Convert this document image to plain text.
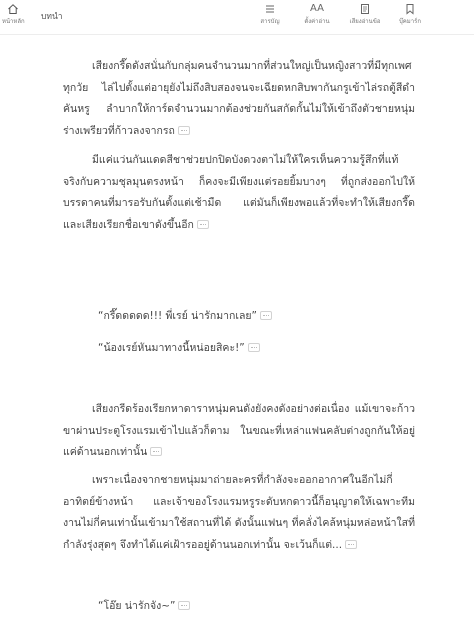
หน้าหลัก บทนำ	สารบัญ
AA
ตั้งค่าอ่าน	เสียงอ่านข้อ	บุ๊คมาร์ก

เสียงกรี๊ดดังสนั่นกับกลุ่มคนจำนวนมากที่ส่วนใหญ่เป็นหญิงสาวที่มีทุกเพศทุกวัย ไล่ไปตั้งแต่อายุยังไม่ถึงสิบสองจนจะเฉียดหกสิบพากันกรูเข้าไล่รถตู้สีดำคันหรู ลำบากให้การ์ดจำนวนมากต้องช่วยกันสกัดกั้นไม่ให้เข้าถึงตัวชายหนุ่มร่างเพรียวที่ก้าวลงจากรถ

มีแค่แว่นกันแดดสีชาช่วยปกปิดบังดวงตาไม่ให้ใครเห็นความรู้สึกที่แท้จริงกับความชุลมุนตรงหน้า ก็คงจะมีเพียงแต่รอยยิ้มบางๆ ที่ถูกส่งออกไปให้บรรดาคนที่มารอรับกันตั้งแต่เช้ามืด แต่มันก็เพียงพอแล้วที่จะทำให้เสียงกรี๊ดและเสียงเรียกชื่อเขาดังขึ้นอีก

“กรี๊ดดดดด!!! พี่เรย์ น่ารักมากเลย”

“น้องเรย์หันมาทางนี้หน่อยสิคะ!”

เสียงกรีดร้องเรียกหาดาราหนุ่มคนดังยังคงดังอย่างต่อเนื่อง แม้เขาจะก้าวขาผ่านประตูโรงแรมเข้าไปแล้วก็ตาม ในขณะที่เหล่าแฟนคลับต่างถูกกันให้อยู่แค่ด้านนอกเท่านั้น

เพราะเนื่องจากชายหนุ่มมาถ่ายละครที่กำลังจะออกอากาศในอีกไม่กี่อาทิตย์ข้างหน้า และเจ้าของโรงแรมหรูระดับหกดาวนี้ก็อนุญาตให้เฉพาะทีมงานไม่กี่คนเท่านั้นเข้ามาใช้สถานที่ได้ ดังนั้นแฟนๆ ที่คลั่งไคล้หนุ่มหล่อหน้าใสที่กำลังรุ่งสุดๆ จึงทำได้แค่เฝ้ารออยู่ด้านนอกเท่านั้น จะเว้นก็แต่...

“โอ๊ย น่ารักจัง~”
